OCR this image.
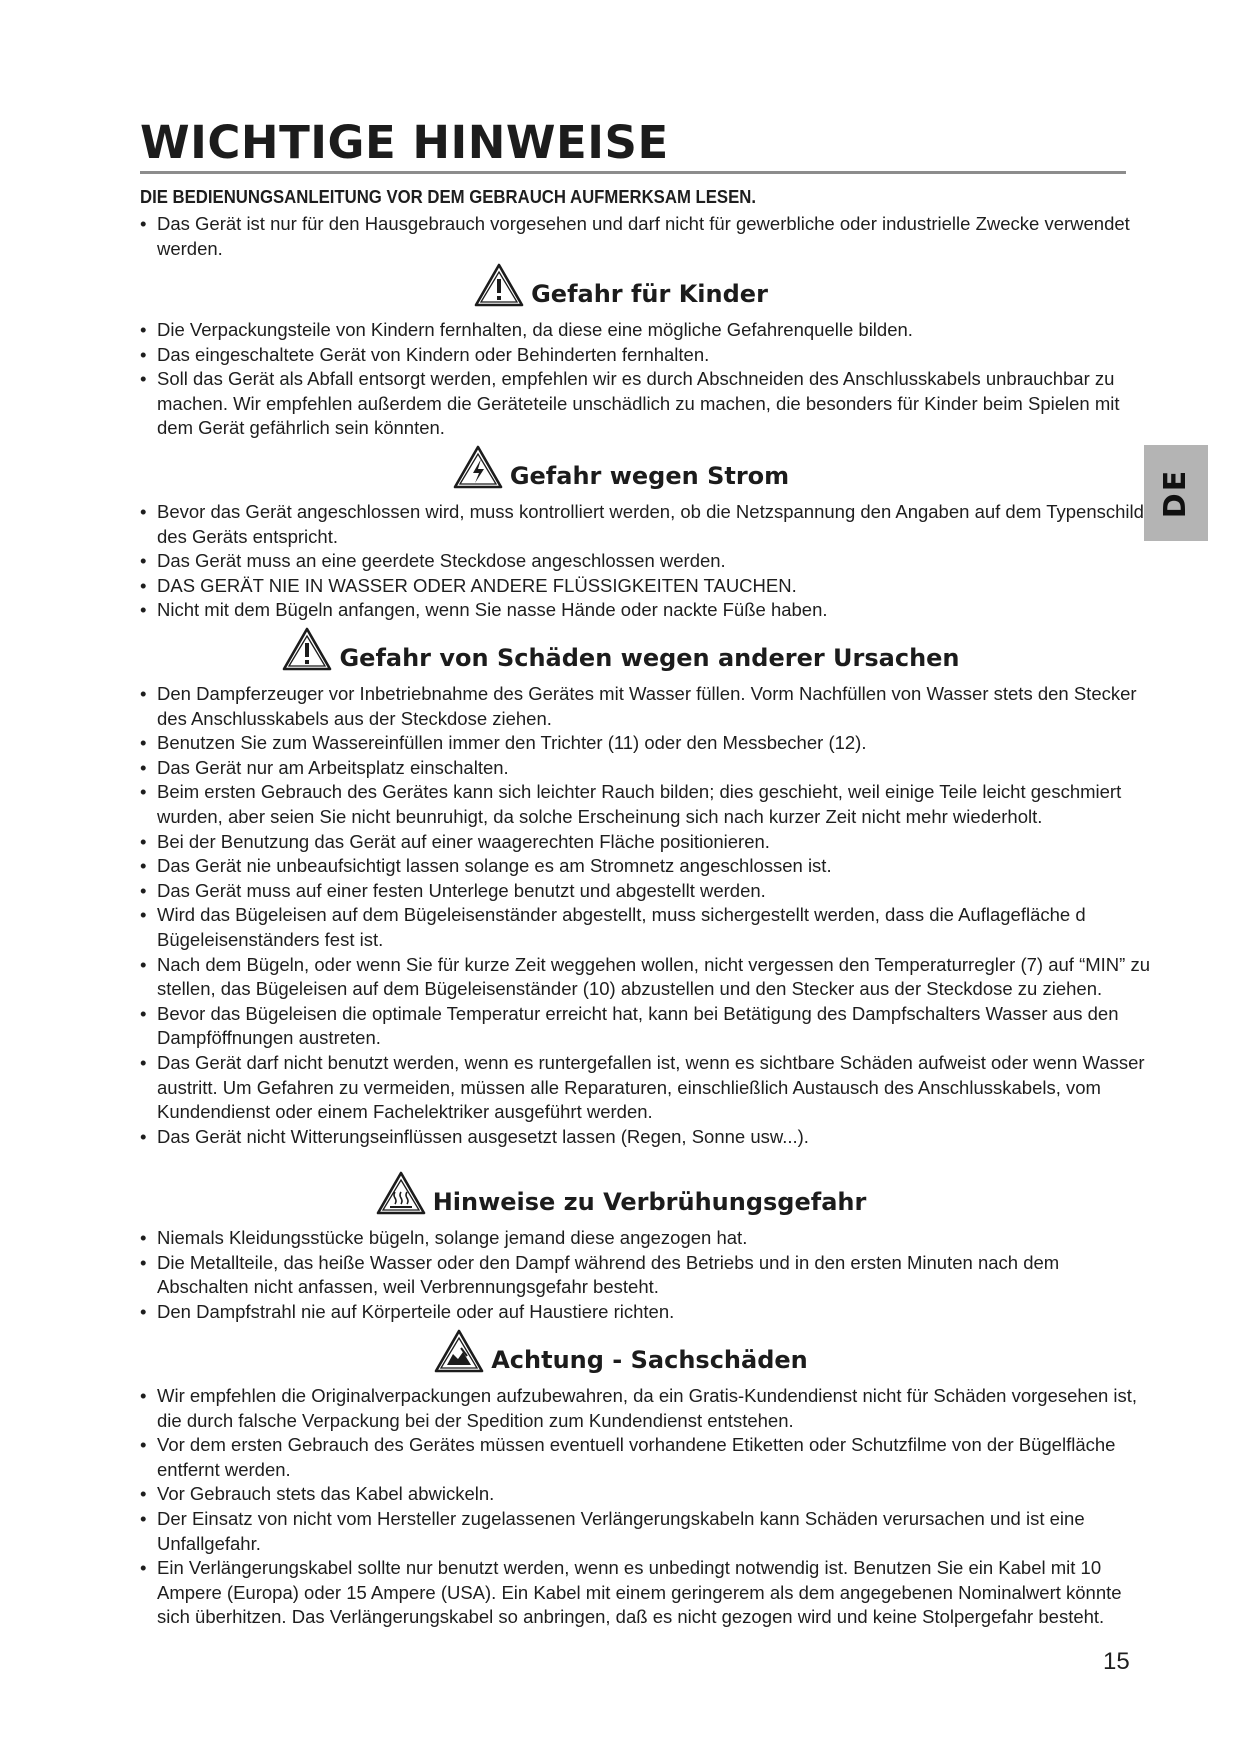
WICHTIGE HINWEISE
DIE BEDIENUNGSANLEITUNG VOR DEM GEBRAUCH AUFMERKSAM LESEN.
• Das Gerät ist nur für den Hausgebrauch vorgesehen und darf nicht für gewerbliche oder industrielle Zwecke verwendet werden.
Gefahr für Kinder
• Die Verpackungsteile von Kindern fernhalten, da diese eine mögliche Gefahrenquelle bilden.
• Das eingeschaltete Gerät von Kindern oder Behinderten fernhalten.
• Soll das Gerät als Abfall entsorgt werden, empfehlen wir es durch Abschneiden des Anschlusskabels unbrauchbar zu machen. Wir empfehlen außerdem die Geräteteile unschädlich zu machen, die besonders für Kinder beim Spielen mit dem Gerät gefährlich sein könnten.
Gefahr wegen Strom
• Bevor das Gerät angeschlossen wird, muss kontrolliert werden, ob die Netzspannung den Angaben auf dem Typenschild des Geräts entspricht.
• Das Gerät muss an eine geerdete Steckdose angeschlossen werden.
• DAS GERÄT NIE IN WASSER ODER ANDERE FLÜSSIGKEITEN TAUCHEN.
• Nicht mit dem Bügeln anfangen, wenn Sie nasse Hände oder nackte Füße haben.
Gefahr von Schäden wegen anderer Ursachen
• Den Dampferzeuger vor Inbetriebnahme des Gerätes mit Wasser füllen. Vorm Nachfüllen von Wasser stets den Stecker des Anschlusskabels aus der Steckdose ziehen.
• Benutzen Sie zum Wassereinfüllen immer den Trichter (11) oder den Messbecher (12).
• Das Gerät nur am Arbeitsplatz einschalten.
• Beim ersten Gebrauch des Gerätes kann sich leichter Rauch bilden; dies geschieht, weil einige Teile leicht geschmiert wurden, aber seien Sie nicht beunruhigt, da solche Erscheinung sich nach kurzer Zeit nicht mehr wiederholt.
• Bei der Benutzung das Gerät auf einer waagerechten Fläche positionieren.
• Das Gerät nie unbeaufsichtigt lassen solange es am Stromnetz angeschlossen ist.
• Das Gerät muss auf einer festen Unterlege benutzt und abgestellt werden.
• Wird das Bügeleisen auf dem Bügeleisenständer abgestellt, muss sichergestellt werden, dass die Auflagefläche d Bügeleisenständers fest ist.
• Nach dem Bügeln, oder wenn Sie für kurze Zeit weggehen wollen, nicht vergessen den Temperaturregler (7) auf “MIN” zu stellen, das Bügeleisen auf dem Bügeleisenständer (10) abzustellen und den Stecker aus der Steckdose zu ziehen.
• Bevor das Bügeleisen die optimale Temperatur erreicht hat, kann bei Betätigung des Dampfschalters Wasser aus den Dampföffnungen austreten.
• Das Gerät darf nicht benutzt werden, wenn es runtergefallen ist, wenn es sichtbare Schäden aufweist oder wenn Wasser austritt. Um Gefahren zu vermeiden, müssen alle Reparaturen, einschließlich Austausch des Anschlusskabels, vom Kundendienst oder einem Fachelektriker ausgeführt werden.
• Das Gerät nicht Witterungseinflüssen ausgesetzt lassen (Regen, Sonne usw...).
Hinweise zu Verbrühungsgefahr
• Niemals Kleidungsstücke bügeln, solange jemand diese angezogen hat.
• Die Metallteile, das heiße Wasser oder den Dampf während des Betriebs und in den ersten Minuten nach dem Abschalten nicht anfassen, weil Verbrennungsgefahr besteht.
• Den Dampfstrahl nie auf Körperteile oder auf Haustiere richten.
Achtung - Sachschäden
• Wir empfehlen die Originalverpackungen aufzubewahren, da ein Gratis-Kundendienst nicht für Schäden vorgesehen ist, die durch falsche Verpackung bei der Spedition zum Kundendienst entstehen.
• Vor dem ersten Gebrauch des Gerätes müssen eventuell vorhandene Etiketten oder Schutzfilme von der Bügelfläche entfernt werden.
• Vor Gebrauch stets das Kabel abwickeln.
• Der Einsatz von nicht vom Hersteller zugelassenen Verlängerungskabeln kann Schäden verursachen und ist eine Unfallgefahr.
• Ein Verlängerungskabel sollte nur benutzt werden, wenn es unbedingt notwendig ist. Benutzen Sie ein Kabel mit 10 Ampere (Europa) oder 15 Ampere (USA). Ein Kabel mit einem geringerem als dem angegebenen Nominalwert könnte sich überhitzen. Das Verlängerungskabel so anbringen, daß es nicht gezogen wird und keine Stolpergefahr besteht.
DE
15
